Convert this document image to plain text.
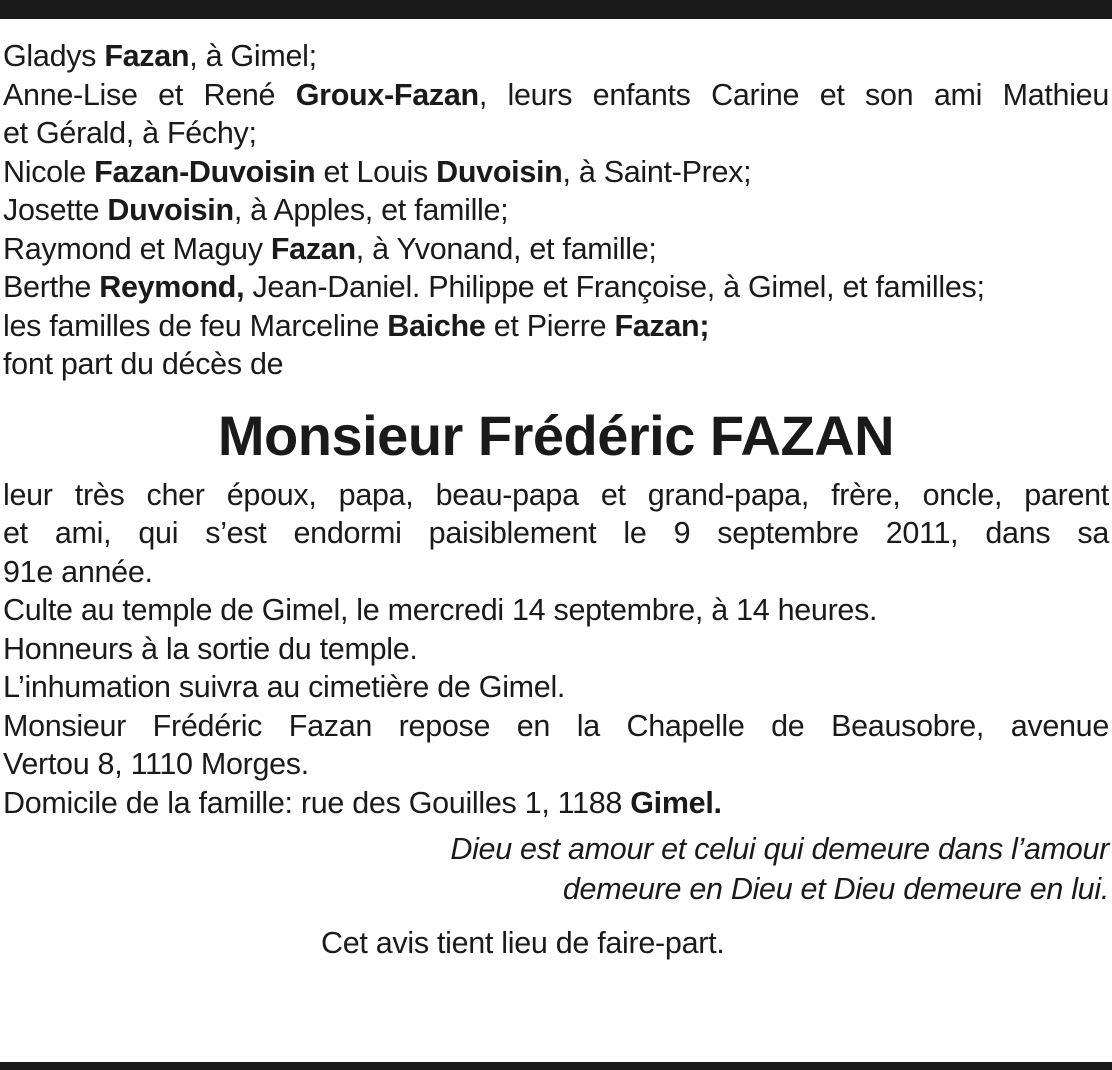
Gladys Fazan, à Gimel;
Anne-Lise et René Groux-Fazan, leurs enfants Carine et son ami Mathieu
et Gérald, à Féchy;
Nicole Fazan-Duvoisin et Louis Duvoisin, à Saint-Prex;
Josette Duvoisin, à Apples, et famille;
Raymond et Maguy Fazan, à Yvonand, et famille;
Berthe Reymond, Jean-Daniel. Philippe et Françoise, à Gimel, et familles;
les familles de feu Marceline Baiche et Pierre Fazan;
font part du décès de
Monsieur Frédéric FAZAN
leur très cher époux, papa, beau-papa et grand-papa, frère, oncle, parent
et ami, qui s’est endormi paisiblement le 9 septembre 2011, dans sa
91e année.
Culte au temple de Gimel, le mercredi 14 septembre, à 14 heures.
Honneurs à la sortie du temple.
L’inhumation suivra au cimetière de Gimel.
Monsieur Frédéric Fazan repose en la Chapelle de Beausobre, avenue
Vertou 8, 1110 Morges.
Domicile de la famille: rue des Gouilles 1, 1188 Gimel.
Dieu est amour et celui qui demeure dans l’amour
demeure en Dieu et Dieu demeure en lui.
Cet avis tient lieu de faire-part.
